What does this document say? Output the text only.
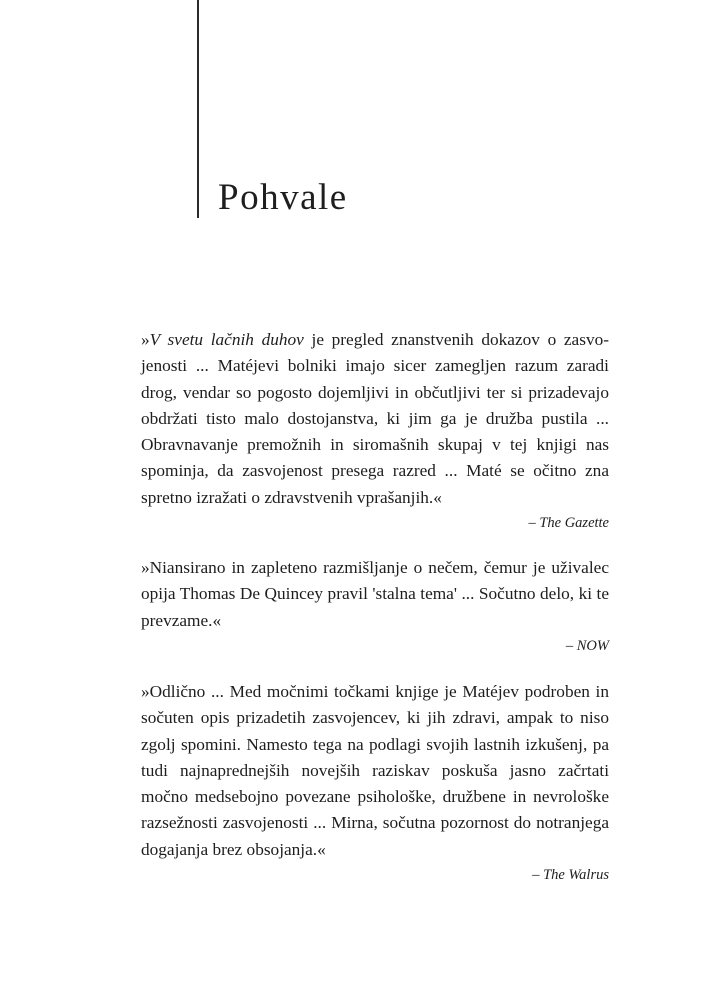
Pohvale

»V svetu lačnih duhov je pregled znanstvenih dokazov o zasvojenosti ... Matéjevi bolniki imajo sicer zamegljen razum zaradi drog, vendar so pogosto dojemljivi in občutljivi ter si prizadevajo obdržati tisto malo dostojanstva, ki jim ga je družba pustila ... Obravnavanje premožnih in siromašnih skupaj v tej knjigi nas spominja, da zasvojenost presega razred ... Maté se očitno zna spretno izražati o zdravstvenih vprašanjih.«

– The Gazette

»Niansirano in zapleteno razmišljanje o nečem, čemur je uživalec opija Thomas De Quincey pravil 'stalna tema' ... Sočutno delo, ki te prevzame.«

– NOW

»Odlično ... Med močnimi točkami knjige je Matéjev podroben in sočuten opis prizadetih zasvojencev, ki jih zdravi, ampak to niso zgolj spomini. Namesto tega na podlagi svojih lastnih izkušenj, pa tudi najnaprednejših novejših raziskav poskuša jasno začrtati močno medsebojno povezane psihološke, družbene in nevrološke razsežnosti zasvojenosti ... Mirna, sočutna pozornost do notranjega dogajanja brez obsojanja.«

– The Walrus
